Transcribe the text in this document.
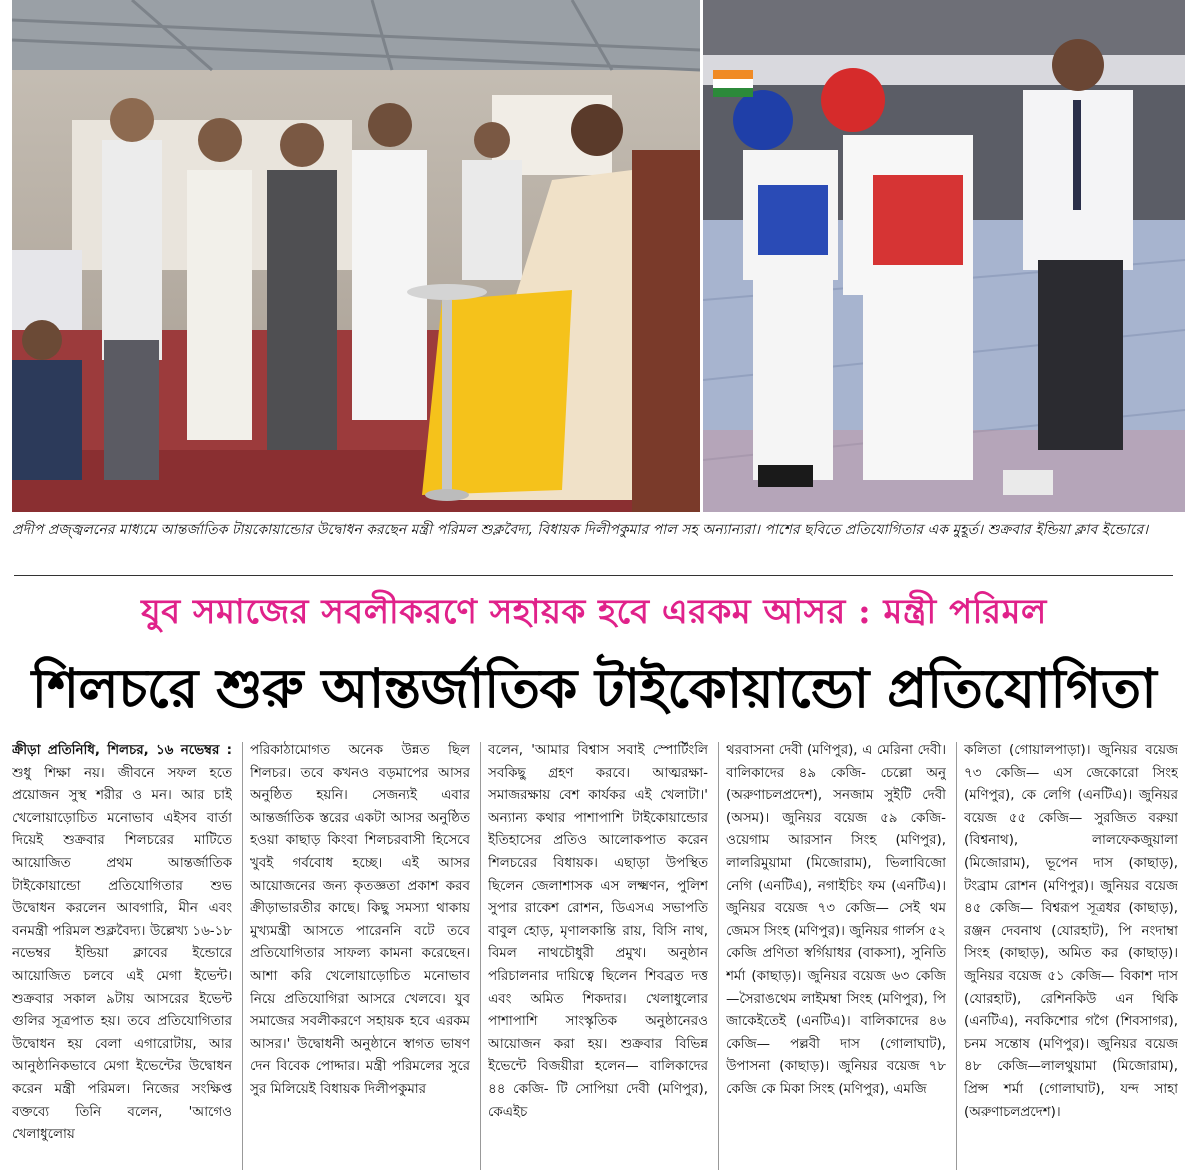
প্রদীপ প্রজ্জ্বলনের মাধ্যমে আন্তর্জাতিক টায়কোয়ান্ডোর উদ্বোধন করছেন মন্ত্রী পরিমল শুক্লবৈদ্য, বিধায়ক দিলীপকুমার পাল সহ অন্যান্যরা। পাশের ছবিতে প্রতিযোগিতার এক মুহূর্ত। শুক্রবার ইন্ডিয়া ক্লাব ইন্ডোরে।
যুব সমাজের সবলীকরণে সহায়ক হবে এরকম আসর : মন্ত্রী পরিমল
শিলচরে শুরু আন্তর্জাতিক টাইকোয়ান্ডো প্রতিযোগিতা

ক্রীড়া প্রতিনিধি, শিলচর, ১৬ নভেম্বর : শুধু শিক্ষা নয়। জীবনে সফল হতে প্রয়োজন সুস্থ শরীর ও মন। আর চাই খেলোয়াড়োচিত মনোভাব এইসব বার্তা দিয়েই শুক্রবার শিলচরের মাটিতে আয়োজিত প্রথম আন্তর্জাতিক টাইকোয়ান্ডো প্রতিযোগিতার শুভ উদ্বোধন করলেন আবগারি, মীন এবং বনমন্ত্রী পরিমল শুক্লবৈদ্য। উল্লেখ্য ১৬-১৮ নভেম্বর ইন্ডিয়া ক্লাবের ইন্ডোরে আয়োজিত চলবে এই মেগা ইভেন্ট। শুক্রবার সকাল ৯টায় আসরের ইভেন্ট গুলির সূত্রপাত হয়। তবে প্রতিযোগিতার উদ্বোধন হয় বেলা এগারোটায়, আর আনুষ্ঠানিকভাবে মেগা ইভেন্টের উদ্বোধন করেন মন্ত্রী পরিমল। নিজের সংক্ষিপ্ত বক্তব্যে তিনি বলেন, 'আগেও খেলাধুলোয়

পরিকাঠামোগত অনেক উন্নত ছিল শিলচর। তবে কখনও বড়মাপের আসর অনুষ্ঠিত হয়নি। সেজন্যই এবার আন্তর্জাতিক স্তরের একটা আসর অনুষ্ঠিত হওয়া কাছাড় কিংবা শিলচরবাসী হিসেবে খুবই গর্ববোধ হচ্ছে। এই আসর আয়োজনের জন্য কৃতজ্ঞতা প্রকাশ করব ক্রীড়াভারতীর কাছে। কিছু সমস্যা থাকায় মুখ্যমন্ত্রী আসতে পারেননি বটে তবে প্রতিযোগিতার সাফল্য কামনা করেছেন। আশা করি খেলোয়াড়োচিত মনোভাব নিয়ে প্রতিযোগিরা আসরে খেলবে। যুব সমাজের সবলীকরণে সহায়ক হবে এরকম আসর।' উদ্বোধনী অনুষ্ঠানে স্বাগত ভাষণ দেন বিবেক পোদ্দার। মন্ত্রী পরিমলের সুরে সুর মিলিয়েই বিধায়ক দিলীপকুমার

বলেন, 'আমার বিশ্বাস সবাই স্পোর্টিংলি সবকিছু গ্রহণ করবে। আত্মরক্ষা-সমাজরক্ষায় বেশ কার্যকর এই খেলাটা।' অন্যান্য কথার পাশাপাশি টাইকোয়ান্ডোর ইতিহাসের প্রতিও আলোকপাত করেন শিলচরের বিধায়ক। এছাড়া উপস্থিত ছিলেন জেলাশাসক এস লক্ষ্মণন, পুলিশ সুপার রাকেশ রোশন, ডিএসএ সভাপতি বাবুল হোড়, মৃণালকান্তি রায়, বিসি নাথ, বিমল নাথচৌধুরী প্রমুখ। অনুষ্ঠান পরিচালনার দায়িত্বে ছিলেন শিবব্রত দত্ত এবং অমিত শিকদার। খেলাধুলোর পাশাপাশি সাংস্কৃতিক অনুষ্ঠানেরও আয়োজন করা হয়। শুক্রবার বিভিন্ন ইভেন্টে বিজয়ীরা হলেন— বালিকাদের ৪৪ কেজি- টি সোপিয়া দেবী (মণিপুর), কেএইচ

থরবাসনা দেবী (মণিপুর), এ মেরিনা দেবী। বালিকাদের ৪৯ কেজি- চেল্লো অনু (অরুণাচলপ্রদেশ), সনজাম সুইটি দেবী (অসম)। জুনিয়র বয়েজ ৫৯ কেজি- ওয়েগাম আরসান সিংহ (মণিপুর), লালরিমুয়ামা (মিজোরাম), ভিলাবিজো নেগি (এনটিএ), নগাইচিং ফম (এনটিএ)। জুনিয়র বয়েজ ৭৩ কেজি— সেই থম জেমস সিংহ (মণিপুর)। জুনিয়র গার্লস ৫২ কেজি প্রণিতা স্বর্গিয়াধর (বাকসা), সুনিতি শর্মা (কাছাড়)। জুনিয়র বয়েজ ৬৩ কেজি—সৈরাঙথেম লাইমম্বা সিংহ (মণিপুর), পি জাকেইতেই (এনটিএ)। বালিকাদের ৪৬ কেজি— পল্লবী দাস (গোলাঘাট), উপাসনা (কাছাড়)। জুনিয়র বয়েজ ৭৮ কেজি কে মিকা সিংহ (মণিপুর), এমজি

কলিতা (গোয়ালপাড়া)। জুনিয়র বয়েজ ৭৩ কেজি— এস জেকোরো সিংহ (মণিপুর), কে লেগি (এনটিএ)। জুনিয়র বয়েজ ৫৫ কেজি— সুরজিত বরুয়া (বিশ্বনাথ), লালফেকজুয়ালা (মিজোরাম), ভূপেন দাস (কাছাড়), টংব্রাম রোশন (মণিপুর)। জুনিয়র বয়েজ ৪৫ কেজি— বিশ্বরূপ সূত্রধর (কাছাড়), রঞ্জন দেবনাথ (যোরহাট), পি নংদাম্বা সিংহ (কাছাড়), অমিত কর (কাছাড়)। জুনিয়র বয়েজ ৫১ কেজি— বিকাশ দাস (যোরহাট), রেশিনকিউ এন থিকি (এনটিএ), নবকিশোর গগৈ (শিবসাগর), চনম সন্তোষ (মণিপুর)। জুনিয়র বয়েজ ৪৮ কেজি—লালথুয়ামা (মিজোরাম), প্রিন্স শর্মা (গোলাঘাট), যন্দ সাহা (অরুণাচলপ্রদেশ)।
